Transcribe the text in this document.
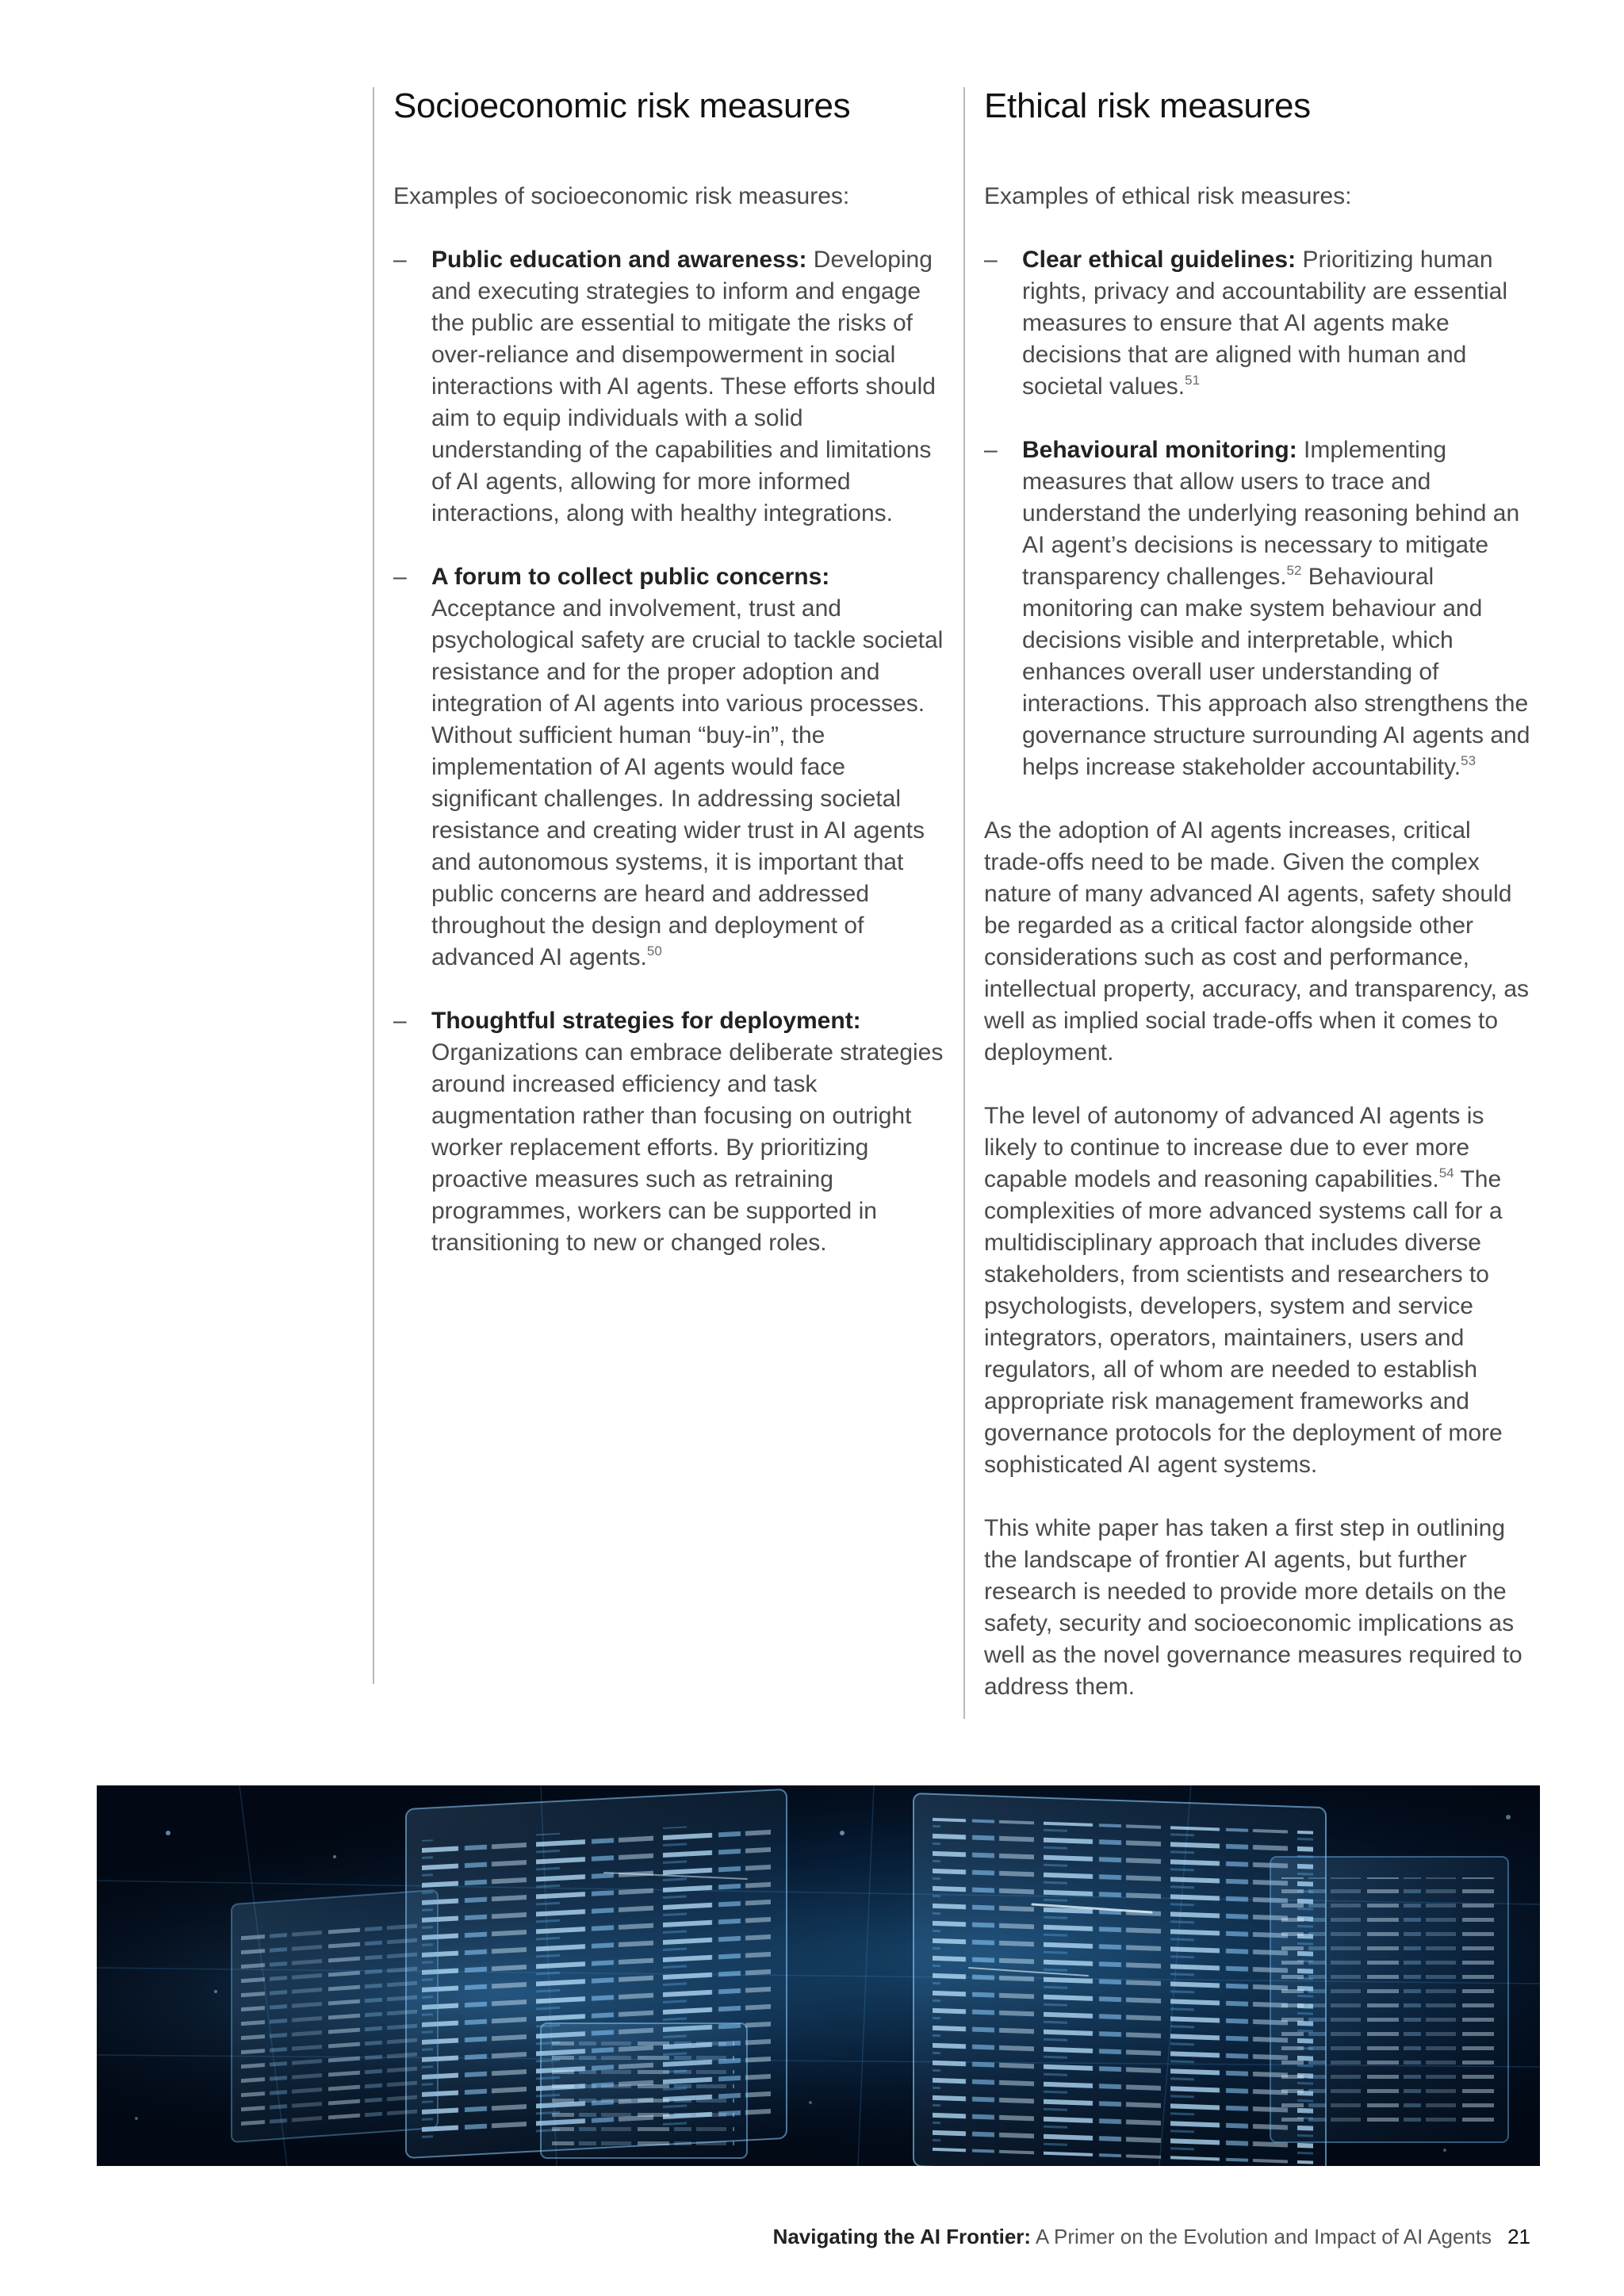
Socioeconomic risk measures

Examples of socioeconomic risk measures:

– Public education and awareness: Developing and executing strategies to inform and engage the public are essential to mitigate the risks of over-reliance and disempowerment in social interactions with AI agents. These efforts should aim to equip individuals with a solid understanding of the capabilities and limitations of AI agents, allowing for more informed interactions, along with healthy integrations.
– A forum to collect public concerns:
Acceptance and involvement, trust and psychological safety are crucial to tackle societal resistance and for the proper adoption and integration of AI agents into various processes. Without sufficient human “buy-in”, the implementation of AI agents would face significant challenges. In addressing societal resistance and creating wider trust in AI agents and autonomous systems, it is important that public concerns are heard and addressed throughout the design and deployment of advanced AI agents.$^{50}$
– Thoughtful strategies for deployment:
Organizations can embrace deliberate strategies around increased efficiency and task augmentation rather than focusing on outright worker replacement efforts. By prioritizing proactive measures such as retraining programmes, workers can be supported in transitioning to new or changed roles.
Ethical risk measures

Examples of ethical risk measures:

– Clear ethical guidelines: Prioritizing human rights, privacy and accountability are essential measures to ensure that AI agents make decisions that are aligned with human and societal values.$^{51}$
– Behavioural monitoring: Implementing measures that allow users to trace and understand the underlying reasoning behind an AI agent’s decisions is necessary to mitigate transparency challenges.$^{52}$ Behavioural monitoring can make system behaviour and decisions visible and interpretable, which enhances overall user understanding of interactions. This approach also strengthens the governance structure surrounding AI agents and helps increase stakeholder accountability.$^{53}$

As the adoption of AI agents increases, critical trade-offs need to be made. Given the complex nature of many advanced AI agents, safety should be regarded as a critical factor alongside other considerations such as cost and performance, intellectual property, accuracy, and transparency, as well as implied social trade-offs when it comes to deployment.

The level of autonomy of advanced AI agents is likely to continue to increase due to ever more capable models and reasoning capabilities.$^{54}$ The complexities of more advanced systems call for a multidisciplinary approach that includes diverse stakeholders, from scientists and researchers to psychologists, developers, system and service integrators, operators, maintainers, users and regulators, all of whom are needed to establish appropriate risk management frameworks and governance protocols for the deployment of more sophisticated AI agent systems.

This white paper has taken a first step in outlining the landscape of frontier AI agents, but further research is needed to provide more details on the safety, security and socioeconomic implications as well as the novel governance measures required to address them.

Navigating the AI Frontier: A Primer on the Evolution and Impact of AI Agents 21
